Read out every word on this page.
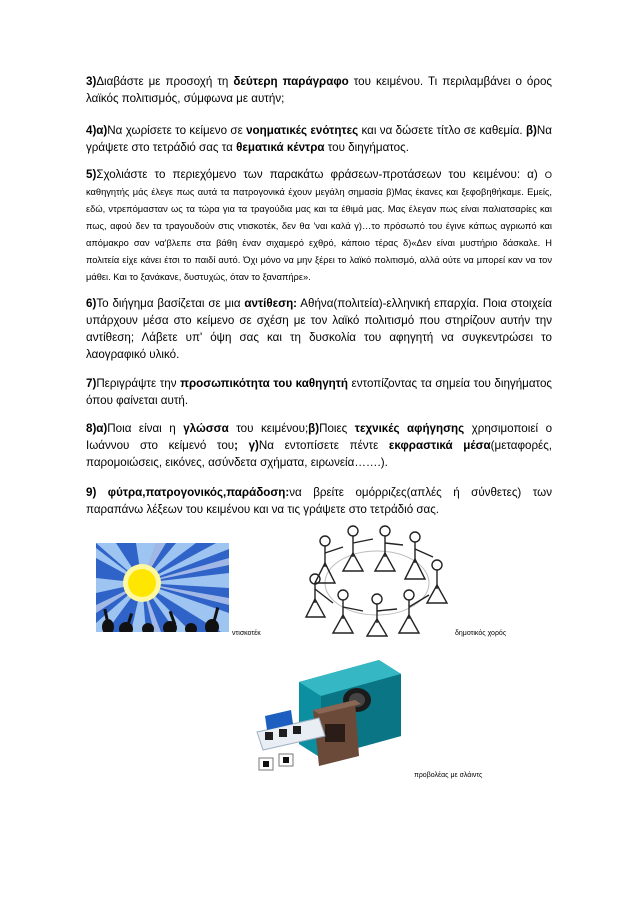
3)Διαβάστε με προσοχή τη δεύτερη παράγραφο του κειμένου. Τι περιλαμβάνει ο όρος λαϊκός πολιτισμός, σύμφωνα με αυτήν;

4)α)Να χωρίσετε το κείμενο σε νοηματικές ενότητες και να δώσετε τίτλο σε καθεμία. β)Να γράψετε στο τετράδιό σας τα θεματικά κέντρα του διηγήματος.

5)Σχολιάστε το περιεχόμενο των παρακάτω φράσεων-προτάσεων του κειμένου: α) Ο καθηγητής μάς έλεγε πως αυτά τα πατρογονικά έχουν μεγάλη σημασία β)Μας έκανες και ξεφοβηθήκαμε. Εμείς, εδώ, ντρεπόμασταν ως τα τώρα για τα τραγούδια μας και τα έθιμά μας. Μας έλεγαν πως είναι παλιατσαρίες και πως, αφού δεν τα τραγουδούν στις ντισκοτέκ, δεν θα 'ναι καλά γ)…το πρόσωπό του έγινε κάπως αγριωπό και απόμακρο σαν να'βλεπε στα βάθη έναν σιχαμερό εχθρό, κάποιο τέρας δ)«Δεν είναι μυστήριο δάσκαλε. Η πολιτεία είχε κάνει έτσι το παιδί αυτό. Όχι μόνο να μην ξέρει το λαϊκό πολιτισμό, αλλά ούτε να μπορεί καν να τον μάθει. Και το ξανάκανε, δυστυχώς, όταν το ξαναπήρε».

6)Το διήγημα βασίζεται σε μια αντίθεση: Αθήνα(πολιτεία)-ελληνική επαρχία. Ποια στοιχεία υπάρχουν μέσα στο κείμενο σε σχέση με τον λαϊκό πολιτισμό που στηρίζουν αυτήν την αντίθεση; Λάβετε υπ' όψη σας και τη δυσκολία του αφηγητή να συγκεντρώσει το λαογραφικό υλικό.

7)Περιγράψτε την προσωπικότητα του καθηγητή εντοπίζοντας τα σημεία του διηγήματος όπου φαίνεται αυτή.

8)α)Ποια είναι η γλώσσα του κειμένου;β)Ποιες τεχνικές αφήγησης χρησιμοποιεί ο Ιωάννου στο κείμενό του; γ)Να εντοπίσετε πέντε εκφραστικά μέσα(μεταφορές, παρομοιώσεις, εικόνες, ασύνδετα σχήματα, ειρωνεία…….).

9) φύτρα,πατρογονικός,παράδοση:να βρείτε ομόρριζες(απλές ή σύνθετες) των παραπάνω λέξεων του κειμένου και να τις γράψετε στο τετράδιό σας.

ντισκοτέκ	δημοτικός χορός
προβολέας με σλάιντς
